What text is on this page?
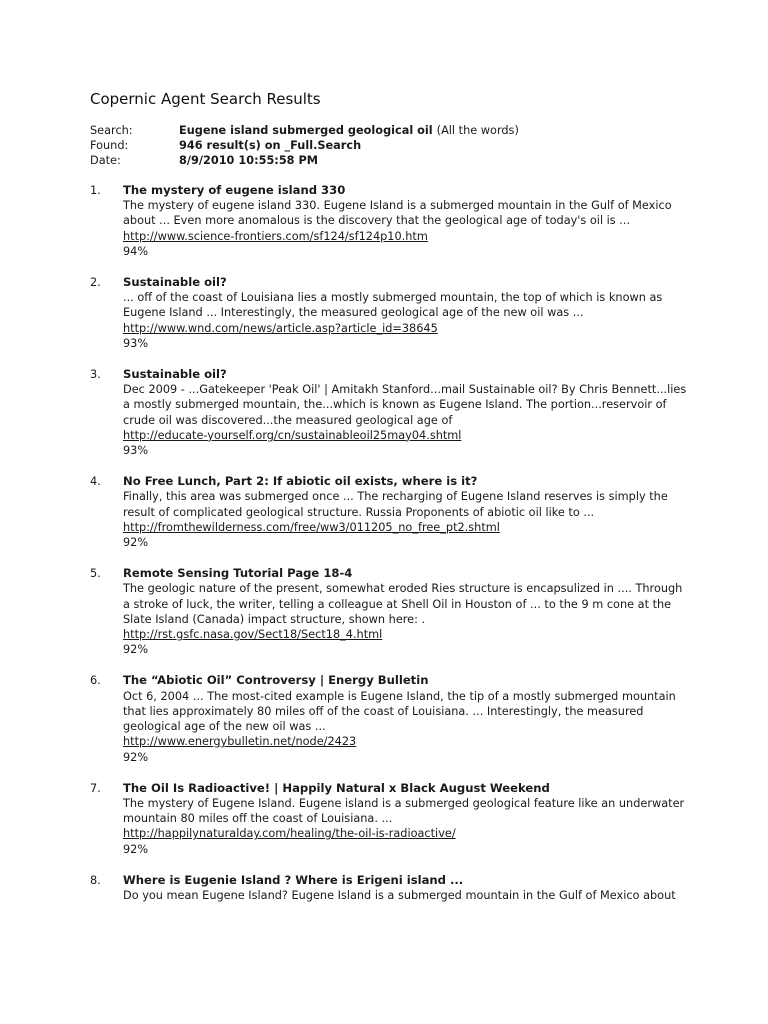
Copernic Agent Search Results
Search:	Eugene island submerged geological oil (All the words)
Found:	946 result(s) on _Full.Search
Date:	8/9/2010 10:55:58 PM
1. The mystery of eugene island 330
The mystery of eugene island 330. Eugene Island is a submerged mountain in the Gulf of Mexico about ... Even more anomalous is the discovery that the geological age of today's oil is ...
http://www.science-frontiers.com/sf124/sf124p10.htm
94%
2. Sustainable oil?
... off of the coast of Louisiana lies a mostly submerged mountain, the top of which is known as Eugene Island ... Interestingly, the measured geological age of the new oil was ...
http://www.wnd.com/news/article.asp?article_id=38645
93%
3. Sustainable oil?
Dec 2009 - ...Gatekeeper 'Peak Oil' | Amitakh Stanford...mail Sustainable oil? By Chris Bennett...lies a mostly submerged mountain, the...which is known as Eugene Island. The portion...reservoir of crude oil was discovered...the measured geological age of
http://educate-yourself.org/cn/sustainableoil25may04.shtml
93%
4. No Free Lunch, Part 2: If abiotic oil exists, where is it?
Finally, this area was submerged once ... The recharging of Eugene Island reserves is simply the result of complicated geological structure. Russia Proponents of abiotic oil like to ...
http://fromthewilderness.com/free/ww3/011205_no_free_pt2.shtml
92%
5. Remote Sensing Tutorial Page 18-4
The geologic nature of the present, somewhat eroded Ries structure is encapsulized in .... Through a stroke of luck, the writer, telling a colleague at Shell Oil in Houston of ... to the 9 m cone at the Slate Island (Canada) impact structure, shown here: .
http://rst.gsfc.nasa.gov/Sect18/Sect18_4.html
92%
6. The “Abiotic Oil” Controversy | Energy Bulletin
Oct 6, 2004 ... The most-cited example is Eugene Island, the tip of a mostly submerged mountain that lies approximately 80 miles off of the coast of Louisiana. ... Interestingly, the measured geological age of the new oil was ...
http://www.energybulletin.net/node/2423
92%
7. The Oil Is Radioactive! | Happily Natural x Black August Weekend
The mystery of Eugene Island. Eugene island is a submerged geological feature like an underwater mountain 80 miles off the coast of Louisiana. ...
http://happilynaturalday.com/healing/the-oil-is-radioactive/
92%
8. Where is Eugenie Island ? Where is Erigeni island ...
Do you mean Eugene Island? Eugene Island is a submerged mountain in the Gulf of Mexico about
